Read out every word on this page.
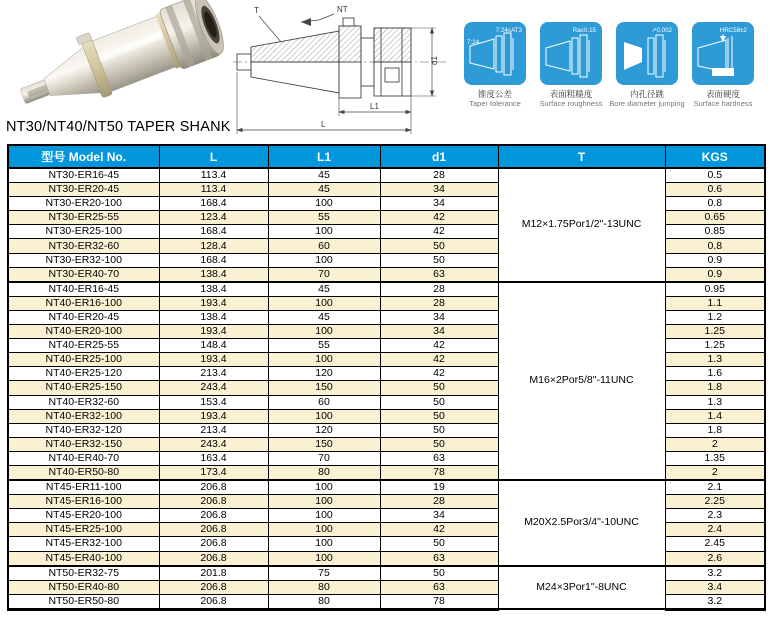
T	NT
L1
L
d1
7:24≤AT3
7:24
锥度公差
Taper tolerance
Ra≤0.15
表面粗糙度
Surface roughness
↗0.002
内孔径跳
Bore diameter jumping
HRC58±2
表面硬度
Surface hardness
NT30/NT40/NT50 TAPER SHANK
型号 Model No.	L	L1	d1	T	KGS
NT30-ER16-45	113.4	45	28	M12×1.75Por1/2"-13UNC	0.5
NT30-ER20-45	113.4	45	34		0.6
NT30-ER20-100	168.4	100	34		0.8
NT30-ER25-55	123.4	55	42		0.65
NT30-ER25-100	168.4	100	42		0.85
NT30-ER32-60	128.4	60	50		0.8
NT30-ER32-100	168.4	100	50		0.9
NT30-ER40-70	138.4	70	63		0.9
NT40-ER16-45	138.4	45	28	M16×2Por5/8"-11UNC	0.95
NT40-ER16-100	193.4	100	28		1.1
NT40-ER20-45	138.4	45	34		1.2
NT40-ER20-100	193.4	100	34		1.25
NT40-ER25-55	148.4	55	42		1.25
NT40-ER25-100	193.4	100	42		1.3
NT40-ER25-120	213.4	120	42		1.6
NT40-ER25-150	243.4	150	50		1.8
NT40-ER32-60	153.4	60	50		1.3
NT40-ER32-100	193.4	100	50		1.4
NT40-ER32-120	213.4	120	50		1.8
NT40-ER32-150	243.4	150	50		2
NT40-ER40-70	163.4	70	63		1.35
NT40-ER50-80	173.4	80	78		2
NT45-ER11-100	206.8	100	19	M20X2.5Por3/4"-10UNC	2.1
NT45-ER16-100	206.8	100	28		2.25
NT45-ER20-100	206.8	100	34		2.3
NT45-ER25-100	206.8	100	42		2.4
NT45-ER32-100	206.8	100	50		2.45
NT45-ER40-100	206.8	100	63		2.6
NT50-ER32-75	201.8	75	50	M24×3Por1"-8UNC	3.2
NT50-ER40-80	206.8	80	63		3.4
NT50-ER50-80	206.8	80	78		3.2
